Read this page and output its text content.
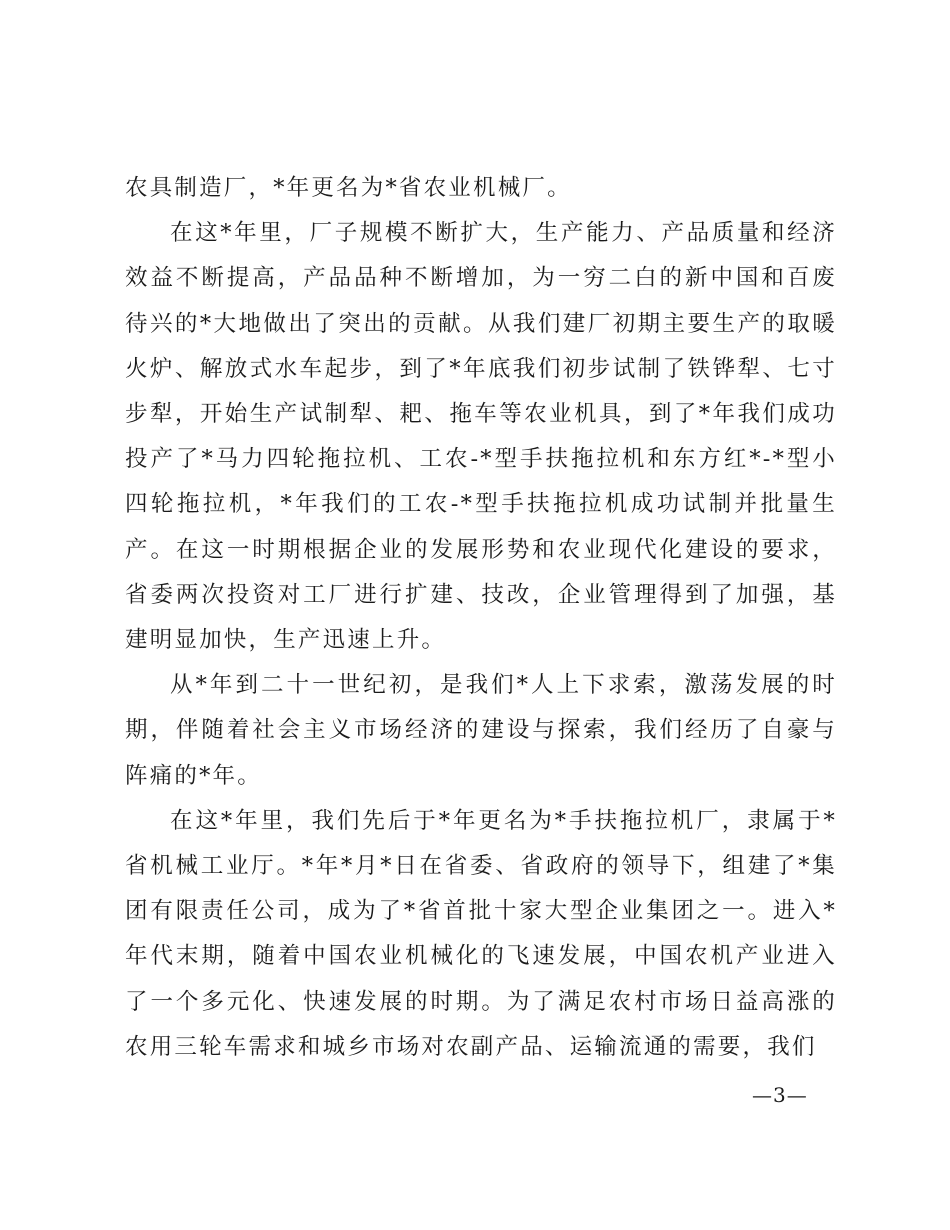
农具制造厂，*年更名为*省农业机械厂。

在这*年里，厂子规模不断扩大，生产能力、产品质量和经济效益不断提高，产品品种不断增加，为一穷二白的新中国和百废待兴的*大地做出了突出的贡献。从我们建厂初期主要生产的取暖火炉、解放式水车起步，到了*年底我们初步试制了铁铧犁、七寸步犁，开始生产试制犁、耙、拖车等农业机具，到了*年我们成功投产了*马力四轮拖拉机、工农-*型手扶拖拉机和东方红*-*型小四轮拖拉机，*年我们的工农-*型手扶拖拉机成功试制并批量生产。在这一时期根据企业的发展形势和农业现代化建设的要求，省委两次投资对工厂进行扩建、技改，企业管理得到了加强，基建明显加快，生产迅速上升。

从*年到二十一世纪初，是我们*人上下求索，激荡发展的时期，伴随着社会主义市场经济的建设与探索，我们经历了自豪与阵痛的*年。

在这*年里，我们先后于*年更名为*手扶拖拉机厂，隶属于*省机械工业厅。*年*月*日在省委、省政府的领导下，组建了*集团有限责任公司，成为了*省首批十家大型企业集团之一。进入*年代末期，随着中国农业机械化的飞速发展，中国农机产业进入了一个多元化、快速发展的时期。为了满足农村市场日益高涨的农用三轮车需求和城乡市场对农副产品、运输流通的需要，我们

—3—
